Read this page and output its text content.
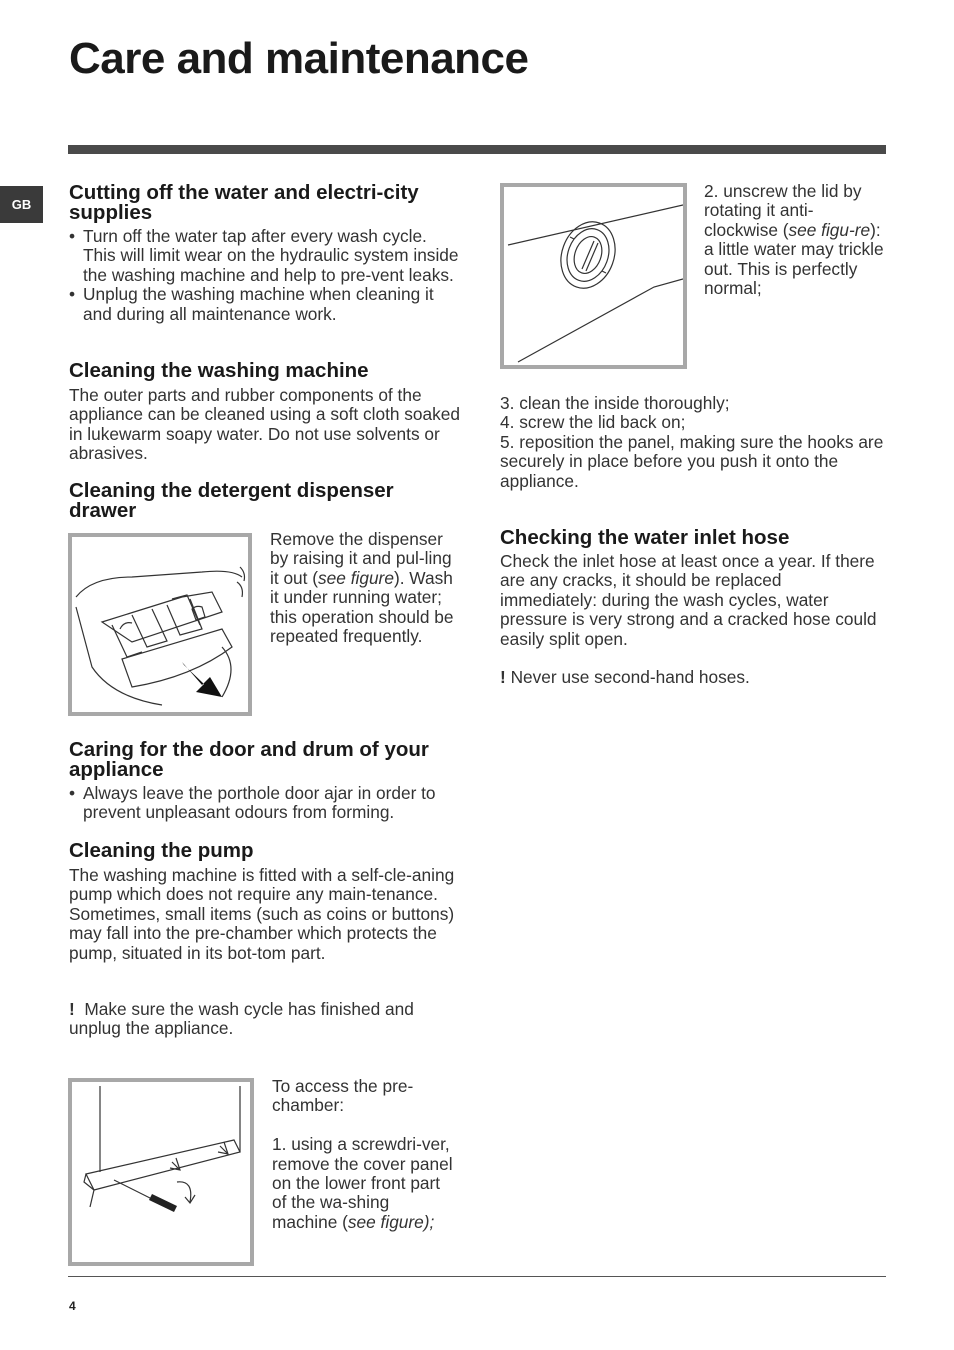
Care and maintenance
GB
Cutting off the water and electri-city supplies
• Turn off the water tap after every wash cycle. This will limit wear on the hydraulic system inside the washing machine and help to pre-vent leaks.
• Unplug the washing machine when cleaning it and during all maintenance work.
Cleaning the washing machine

The outer parts and rubber components of the appliance can be cleaned using a soft cloth soaked in lukewarm soapy water. Do not use solvents or abrasives.

Cleaning the detergent dispenser drawer

Remove the dispenser by raising it and pul-ling it out (see figure). Wash it under running water; this operation should be repeated frequently.

Caring for the door and drum of your appliance
• Always leave the porthole door ajar in order to prevent unpleasant odours from forming.
Cleaning the pump

The washing machine is fitted with a self-cle-aning pump which does not require any main-tenance. Sometimes, small items (such as coins or buttons) may fall into the pre-chamber which protects the pump, situated in its bot-tom part.

! Make sure the wash cycle has finished and unplug the appliance.

To access the pre-chamber:

1. using a screwdri-ver, remove the cover panel on the lower front part of the wa-shing machine (see figure);

2. unscrew the lid by rotating it anti-clockwise (see figu-re): a little water may trickle out. This is perfectly normal;

3. clean the inside thoroughly;

4. screw the lid back on;

5. reposition the panel, making sure the hooks are securely in place before you push it onto the appliance.

Checking the water inlet hose

Check the inlet hose at least once a year. If there are any cracks, it should be replaced immediately: during the wash cycles, water pressure is very strong and a cracked hose could easily split open.

! Never use second-hand hoses.

4
